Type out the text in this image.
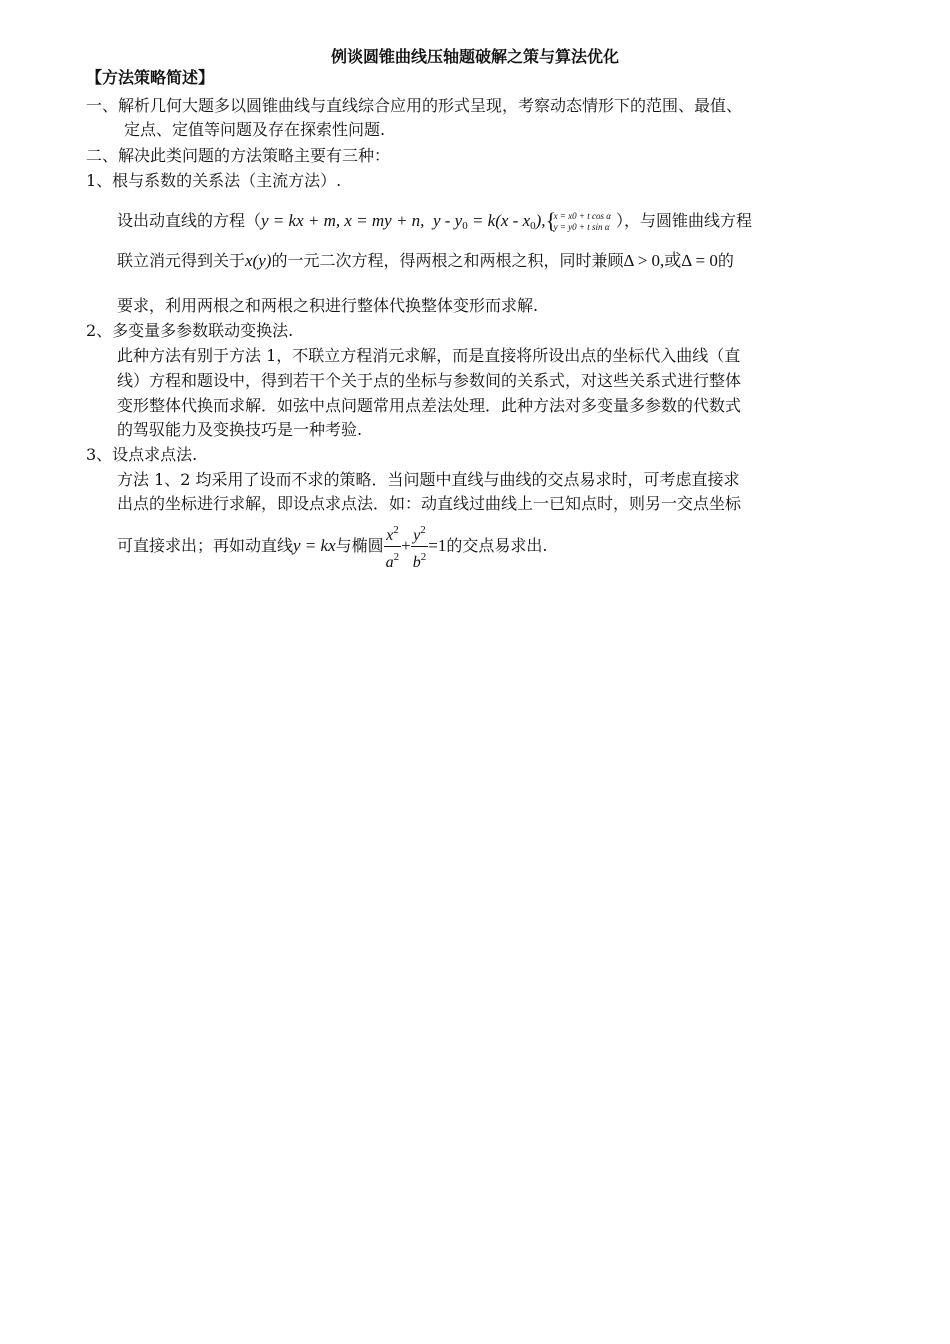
例谈圆锥曲线压轴题破解之策与算法优化
【方法策略简述】
一、解析几何大题多以圆锥曲线与直线综合应用的形式呈现，考察动态情形下的范围、最值、
定点、定值等问题及存在探索性问题.
二、解决此类问题的方法策略主要有三种：
1、根与系数的关系法（主流方法）.
设出动直线的方程（y = kx + m, x = my + n, $y - y_0 = k(x - x_0)$, {
x = x0 + t cos α
y = y0 + t sin α ），与圆锥曲线方程
联立消元得到关于x(y)的一元二次方程，得两根之和两根之积，同时兼顾Δ > 0,或Δ = 0的
要求，利用两根之和两根之积进行整体代换整体变形而求解.
2、多变量多参数联动变换法.
此种方法有别于方法 1，不联立方程消元求解，而是直接将所设出点的坐标代入曲线（直
线）方程和题设中，得到若干个关于点的坐标与参数间的关系式，对这些关系式进行整体
变形整体代换而求解．如弦中点问题常用点差法处理．此种方法对多变量多参数的代数式
的驾驭能力及变换技巧是一种考验.
3、设点求点法.
方法 1、2 均采用了设而不求的策略．当问题中直线与曲线的交点易求时，可考虑直接求
出点的坐标进行求解，即设点求点法．如：动直线过曲线上一已知点时，则另一交点坐标
可直接求出；再如动直线y = kx与椭圆 $\frac{x^2}{a^2} + \frac{y^2}{b^2} =1$的交点易求出.
